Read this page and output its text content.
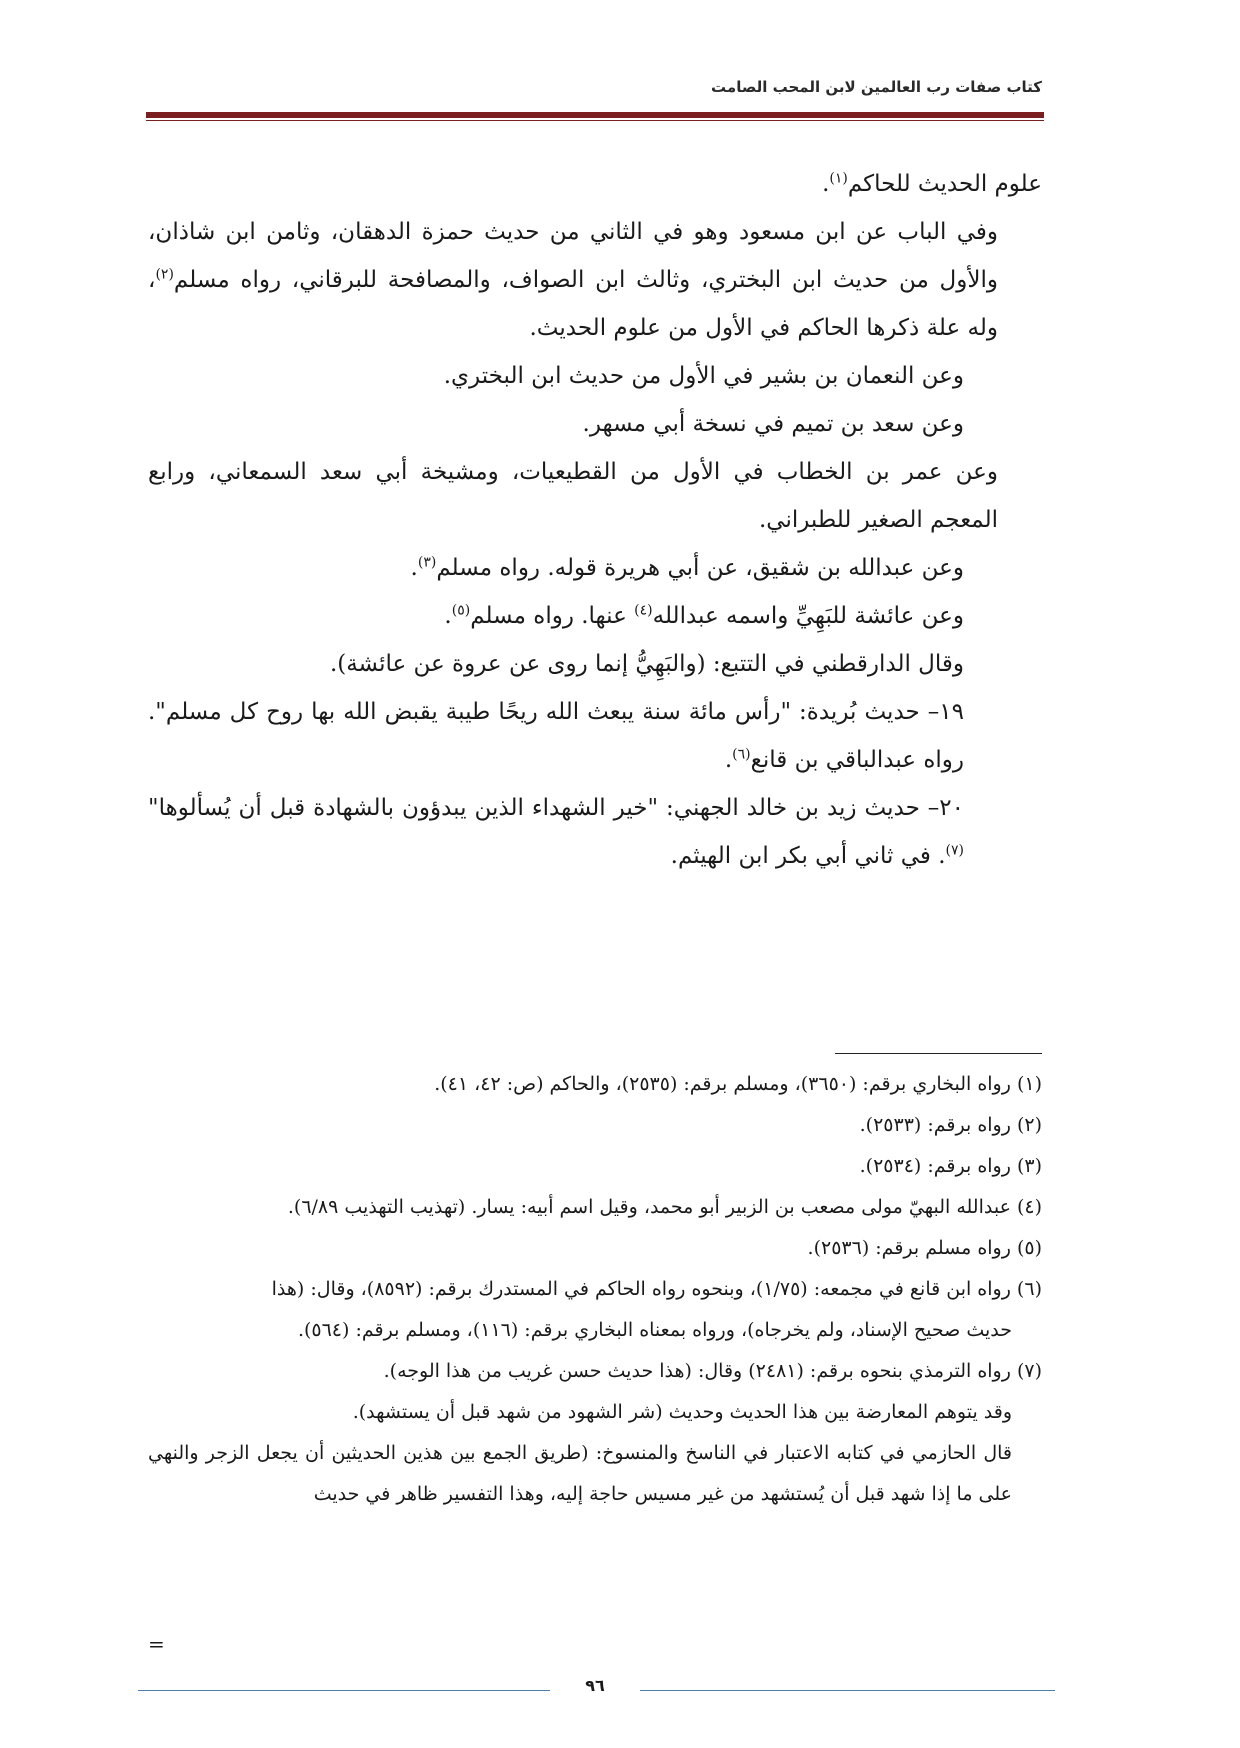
كتاب صفات رب العالمين لابن المحب الصامت

علوم الحديث للحاكم$^{(١)}$.

وفي الباب عن ابن مسعود وهو في الثاني من حديث حمزة الدهقان، وثامن ابن شاذان، والأول من حديث ابن البختري، وثالث ابن الصواف، والمصافحة للبرقاني، رواه مسلم$^{(٢)}$، وله علة ذكرها الحاكم في الأول من علوم الحديث.

وعن النعمان بن بشير في الأول من حديث ابن البختري.

وعن سعد بن تميم في نسخة أبي مسهر.

وعن عمر بن الخطاب في الأول من القطيعيات، ومشيخة أبي سعد السمعاني، ورابع المعجم الصغير للطبراني.

وعن عبدالله بن شقيق، عن أبي هريرة قوله. رواه مسلم$^{(٣)}$.

وعن عائشة للبَهِيِّ واسمه عبدالله$^{(٤)}$ عنها. رواه مسلم$^{(٥)}$.

وقال الدارقطني في التتبع: (والبَهِيُّ إنما روى عن عروة عن عائشة).

١٩– حديث بُريدة: "رأس مائة سنة يبعث الله ريحًا طيبة يقبض الله بها روح كل مسلم". رواه عبدالباقي بن قانع$^{(٦)}$.

٢٠– حديث زيد بن خالد الجهني: "خير الشهداء الذين يبدؤون بالشهادة قبل أن يُسألوها"$^{(٧)}$. في ثاني أبي بكر ابن الهيثم.

(١) رواه البخاري برقم: (٣٦٥٠)، ومسلم برقم: (٢٥٣٥)، والحاكم (ص: ٤٢، ٤١).

(٢) رواه برقم: (٢٥٣٣).

(٣) رواه برقم: (٢٥٣٤).

(٤) عبدالله البهيّ مولى مصعب بن الزبير أبو محمد، وقيل اسم أبيه: يسار. (تهذيب التهذيب ٦/٨٩).

(٥) رواه مسلم برقم: (٢٥٣٦).

(٦) رواه ابن قانع في مجمعه: (١/٧٥)، وبنحوه رواه الحاكم في المستدرك برقم: (٨٥٩٢)، وقال: (هذا

حديث صحيح الإسناد، ولم يخرجاه)، ورواه بمعناه البخاري برقم: (١١٦)، ومسلم برقم: (٥٦٤).

(٧) رواه الترمذي بنحوه برقم: (٢٤٨١) وقال: (هذا حديث حسن غريب من هذا الوجه).

وقد يتوهم المعارضة بين هذا الحديث وحديث (شر الشهود من شهد قبل أن يستشهد).

قال الحازمي في كتابه الاعتبار في الناسخ والمنسوخ: (طريق الجمع بين هذين الحديثين أن يجعل الزجر والنهي على ما إذا شهد قبل أن يُستشهد من غير مسيس حاجة إليه، وهذا التفسير ظاهر في حديث

=
٩٦
